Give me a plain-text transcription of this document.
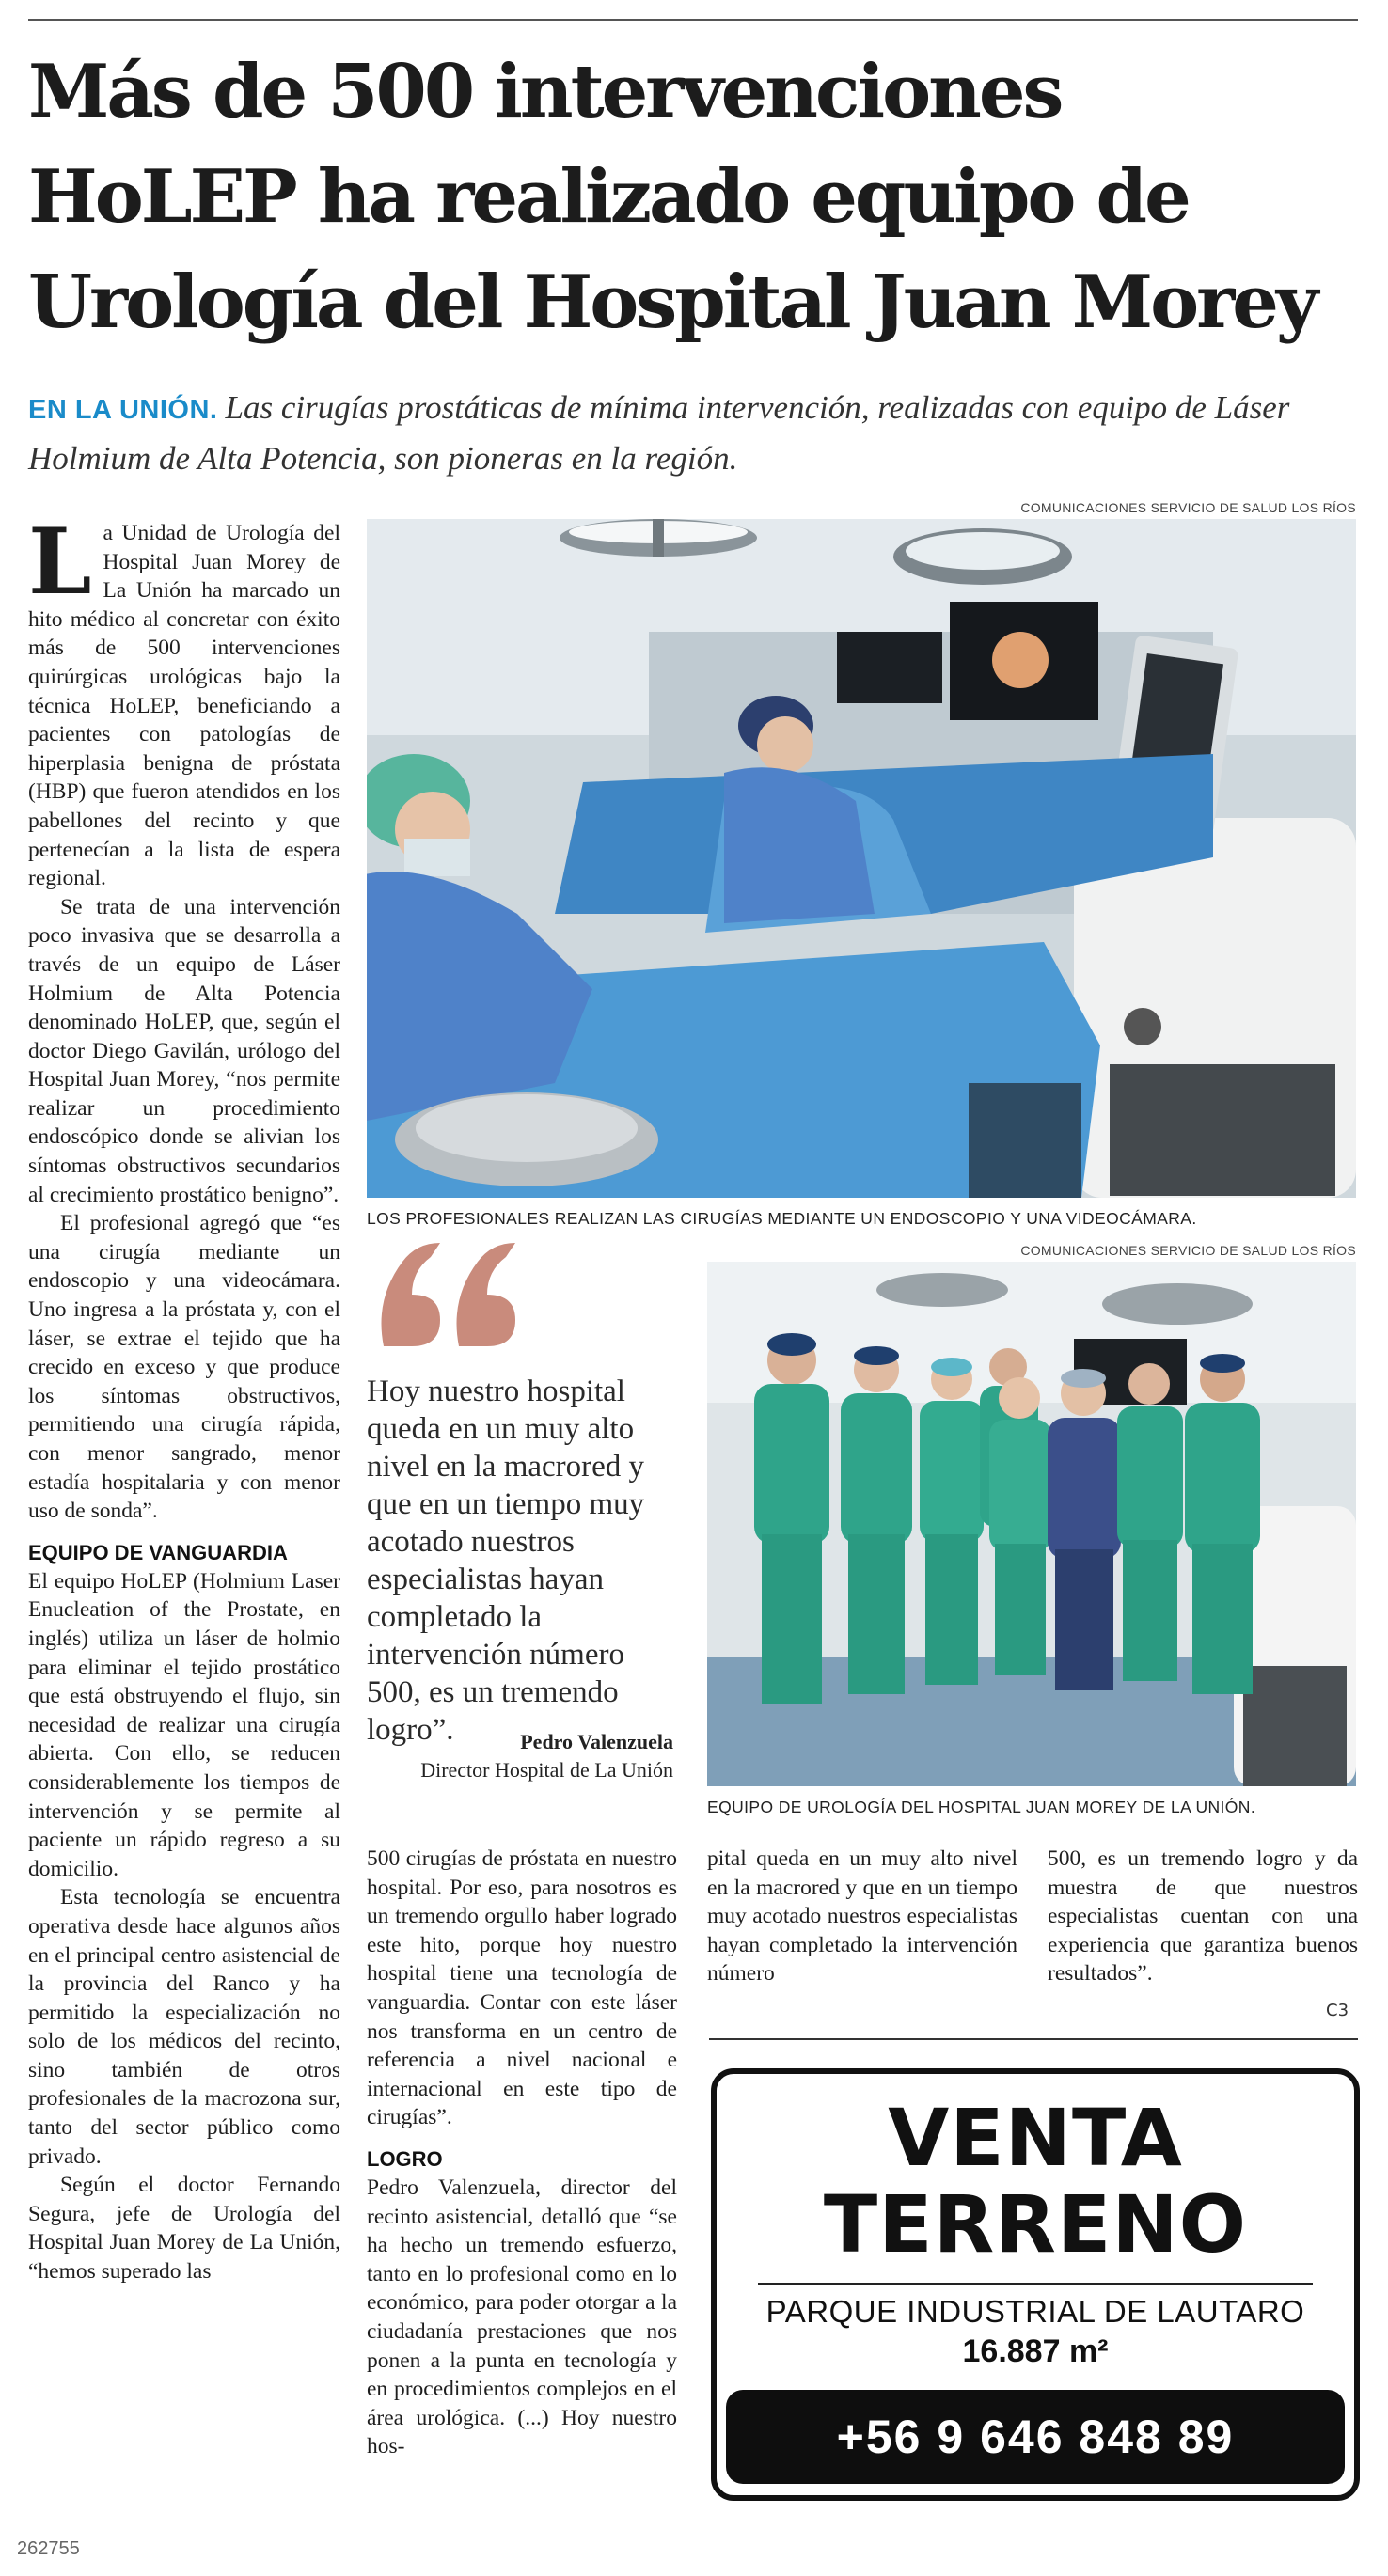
Más de 500 intervenciones
HoLEP ha realizado equipo de
Urología del Hospital Juan Morey
EN LA UNIÓN. Las cirugías prostáticas de mínima intervención, realizadas con equipo de Láser Holmium de Alta Potencia, son pioneras en la región.

La Unidad de Urología del Hospital Juan Morey de La Unión ha marcado un hito médico al concretar con éxito más de 500 intervenciones quirúrgicas urológicas bajo la técnica HoLEP, beneficiando a pacientes con patologías de hiperplasia benigna de próstata (HBP) que fueron atendidos en los pabellones del recinto y que pertenecían a la lista de espera regional.

Se trata de una intervención poco invasiva que se desarrolla a través de un equipo de Láser Holmium de Alta Potencia denominado HoLEP, que, según el doctor Diego Gavilán, urólogo del Hospital Juan Morey, “nos permite realizar un procedimiento endoscópico donde se alivian los síntomas obstructivos secundarios al crecimiento prostático benigno”.

El profesional agregó que “es una cirugía mediante un endoscopio y una videocámara. Uno ingresa a la próstata y, con el láser, se extrae el tejido que ha crecido en exceso y que produce los síntomas obstructivos, permitiendo una cirugía rápida, con menor sangrado, menor estadía hospitalaria y con menor uso de sonda”.

EQUIPO DE VANGUARDIA

El equipo HoLEP (Holmium Laser Enucleation of the Prostate, en inglés) utiliza un láser de holmio para eliminar el tejido prostático que está obstruyendo el flujo, sin necesidad de realizar una cirugía abierta. Con ello, se reducen considerablemente los tiempos de intervención y se permite al paciente un rápido regreso a su domicilio.

Esta tecnología se encuentra operativa desde hace algunos años en el principal centro asistencial de la provincia del Ranco y ha permitido la especialización no solo de los médicos del recinto, sino también de otros profesionales de la macrozona sur, tanto del sector público como privado.

Según el doctor Fernando Segura, jefe de Urología del Hospital Juan Morey de La Unión, “hemos superado las

COMUNICACIONES SERVICIO DE SALUD LOS RÍOS
LOS PROFESIONALES REALIZAN LAS CIRUGÍAS MEDIANTE UN ENDOSCOPIO Y UNA VIDEOCÁMARA.
Hoy nuestro hospital queda en un muy alto nivel en la macrored y que en un tiempo muy acotado nuestros especialistas hayan completado la intervención número 500, es un tremendo logro”.	Pedro Valenzuela
Director Hospital de La Unión
COMUNICACIONES SERVICIO DE SALUD LOS RÍOS
EQUIPO DE UROLOGÍA DEL HOSPITAL JUAN MOREY DE LA UNIÓN.

500 cirugías de próstata en nuestro hospital. Por eso, para nosotros es un tremendo orgullo haber logrado este hito, porque hoy nuestro hospital tiene una tecnología de vanguardia. Contar con este láser nos transforma en un centro de referencia a nivel nacional e internacional en este tipo de cirugías”.

LOGRO

Pedro Valenzuela, director del recinto asistencial, detalló que “se ha hecho un tremendo esfuerzo, tanto en lo profesional como en lo económico, para poder otorgar a la ciudadanía prestaciones que nos ponen a la punta en tecnología y en procedimientos complejos en el área urológica. (...) Hoy nuestro hos-

pital queda en un muy alto nivel en la macrored y que en un tiempo muy acotado nuestros especialistas hayan completado la intervención número

500, es un tremendo logro y da muestra de que nuestros especialistas cuentan con una experiencia que garantiza buenos resultados”.

C3
VENTA
TERRENO
PARQUE INDUSTRIAL DE LAUTARO
16.887 m²
+56 9 646 848 89
262755
